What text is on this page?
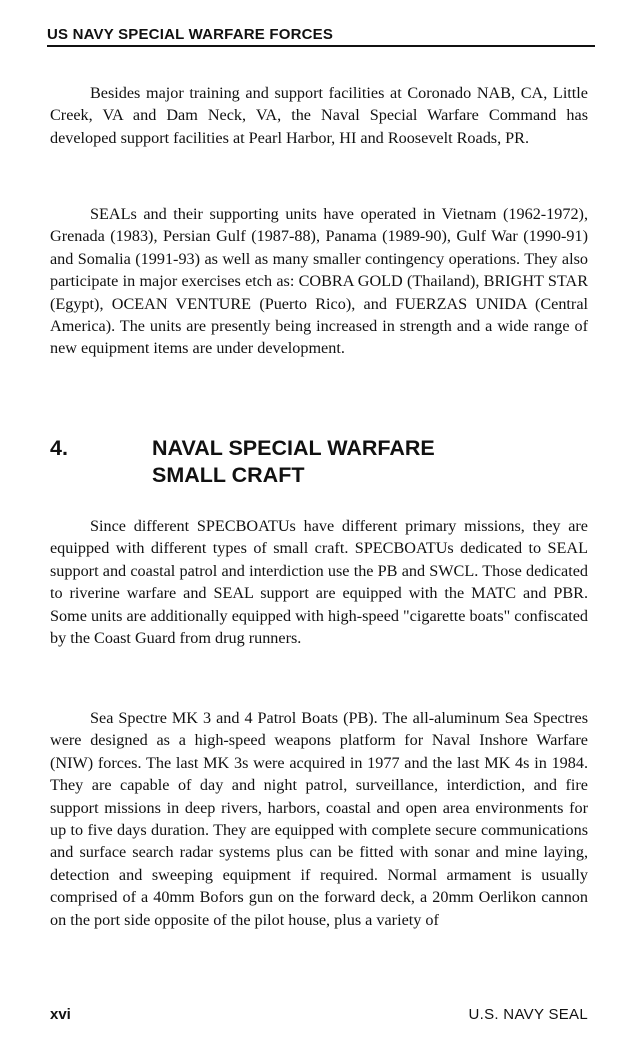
US NAVY SPECIAL WARFARE FORCES

Besides major training and support facilities at Coronado NAB, CA, Little Creek, VA and Dam Neck, VA, the Naval Special Warfare Command has developed support facilities at Pearl Harbor, HI and Roosevelt Roads, PR.

SEALs and their supporting units have operated in Vietnam (1962-1972), Grenada (1983), Persian Gulf (1987-88), Panama (1989-90), Gulf War (1990-91) and Somalia (1991-93) as well as many smaller contingency operations. They also participate in major exercises etch as: COBRA GOLD (Thailand), BRIGHT STAR (Egypt), OCEAN VENTURE (Puerto Rico), and FUERZAS UNIDA (Central America). The units are presently being increased in strength and a wide range of new equipment items are under development.

4.	NAVAL SPECIAL WARFARE
SMALL CRAFT

Since different SPECBOATUs have different primary missions, they are equipped with different types of small craft. SPECBOATUs dedicated to SEAL support and coastal patrol and interdiction use the PB and SWCL. Those dedicated to riverine warfare and SEAL support are equipped with the MATC and PBR. Some units are additionally equipped with high-speed "cigarette boats" confiscated by the Coast Guard from drug runners.

Sea Spectre MK 3 and 4 Patrol Boats (PB). The all-aluminum Sea Spectres were designed as a high-speed weapons platform for Naval Inshore Warfare (NIW) forces. The last MK 3s were acquired in 1977 and the last MK 4s in 1984. They are capable of day and night patrol, surveillance, interdiction, and fire support missions in deep rivers, harbors, coastal and open area environments for up to five days duration. They are equipped with complete secure communications and surface search radar systems plus can be fitted with sonar and mine laying, detection and sweeping equipment if required. Normal armament is usually comprised of a 40mm Bofors gun on the forward deck, a 20mm Oerlikon cannon on the port side opposite of the pilot house, plus a variety of

xvi	U.S. NAVY SEAL
